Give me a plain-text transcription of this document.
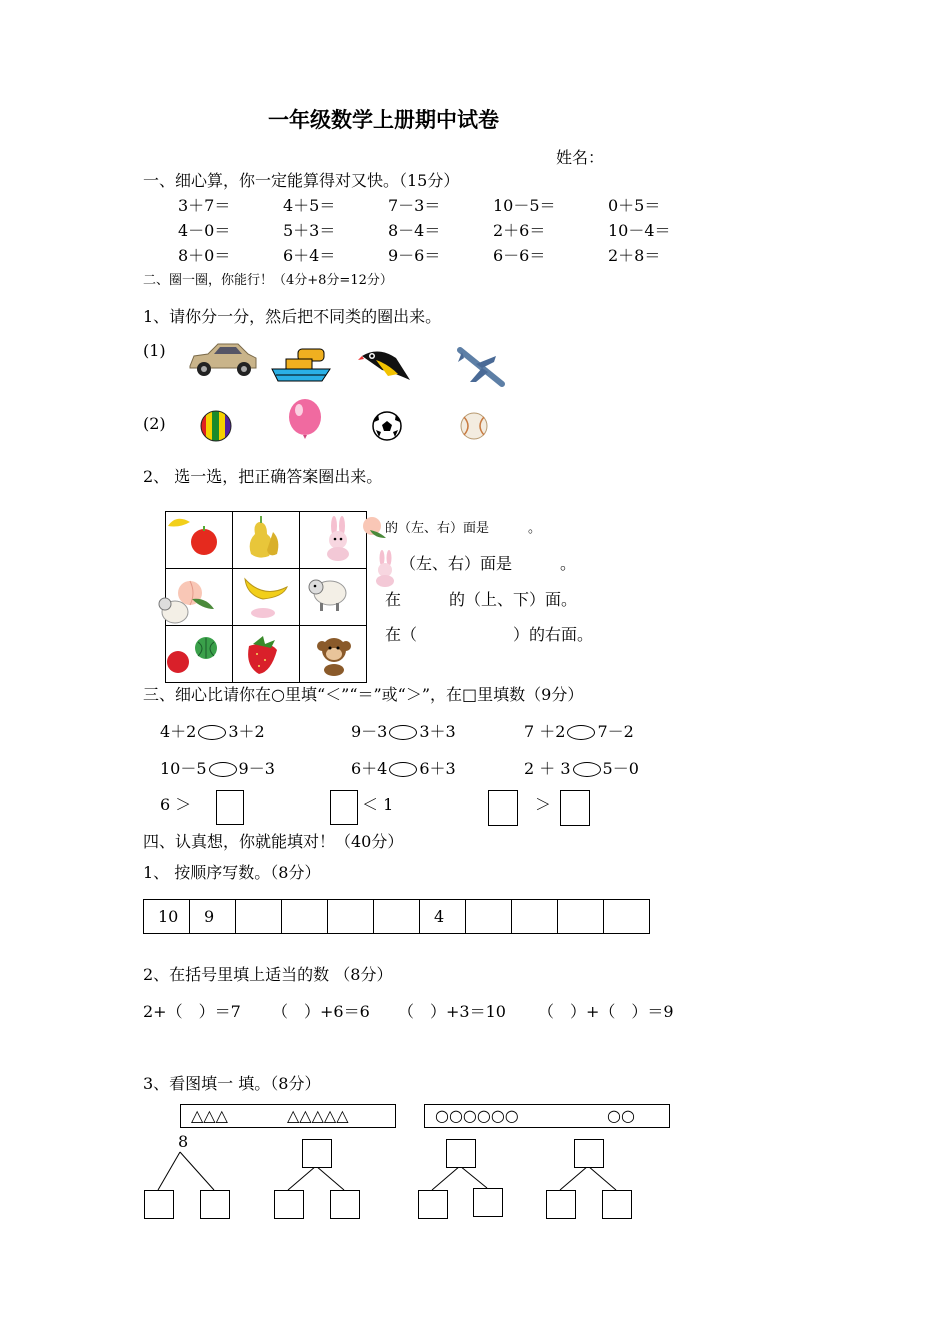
一年级数学上册期中试卷
姓名：
一、细心算，你一定能算得对又快。（15分）
3＋7＝	4＋5＝	7－3＝	10－5＝	0＋5＝
4－0＝	5＋3＝	8－4＝	2＋6＝	10－4＝
8＋0＝	6＋4＝	9－6＝	6－6＝	2＋8＝
二、圈一圈，你能行！（4分+8分=12分）
1、请你分一分，然后把不同类的圈出来。
(1)
(2)
2、 选一选，把正确答案圈出来。

的（左、右）面是　　　。
（左、右）面是　　　。
在　　　的（上、下）面。
在（　　　　　　）的右面。
三、细心比请你在○里填“＜”“＝”或“＞”，在□里填数（9分）
4＋2 3＋2	9－3 3＋3	7 ＋2 7－2
10－5 9－3	6＋4 6＋3	2 ＋ 3 5－0
6 ＞	＜ 1	＞
四、认真想，你就能填对！（40分）
1、 按顺序写数。（8分）
10	9					4				
2、在括号里填上适当的数 （8分）
2+（　）＝7 （　）+6＝6 （　）+3＝10 （　）+（　）＝9
3、看图填一 填。（8分）
△△△	△△△△△	○○○○○○	○○
8
